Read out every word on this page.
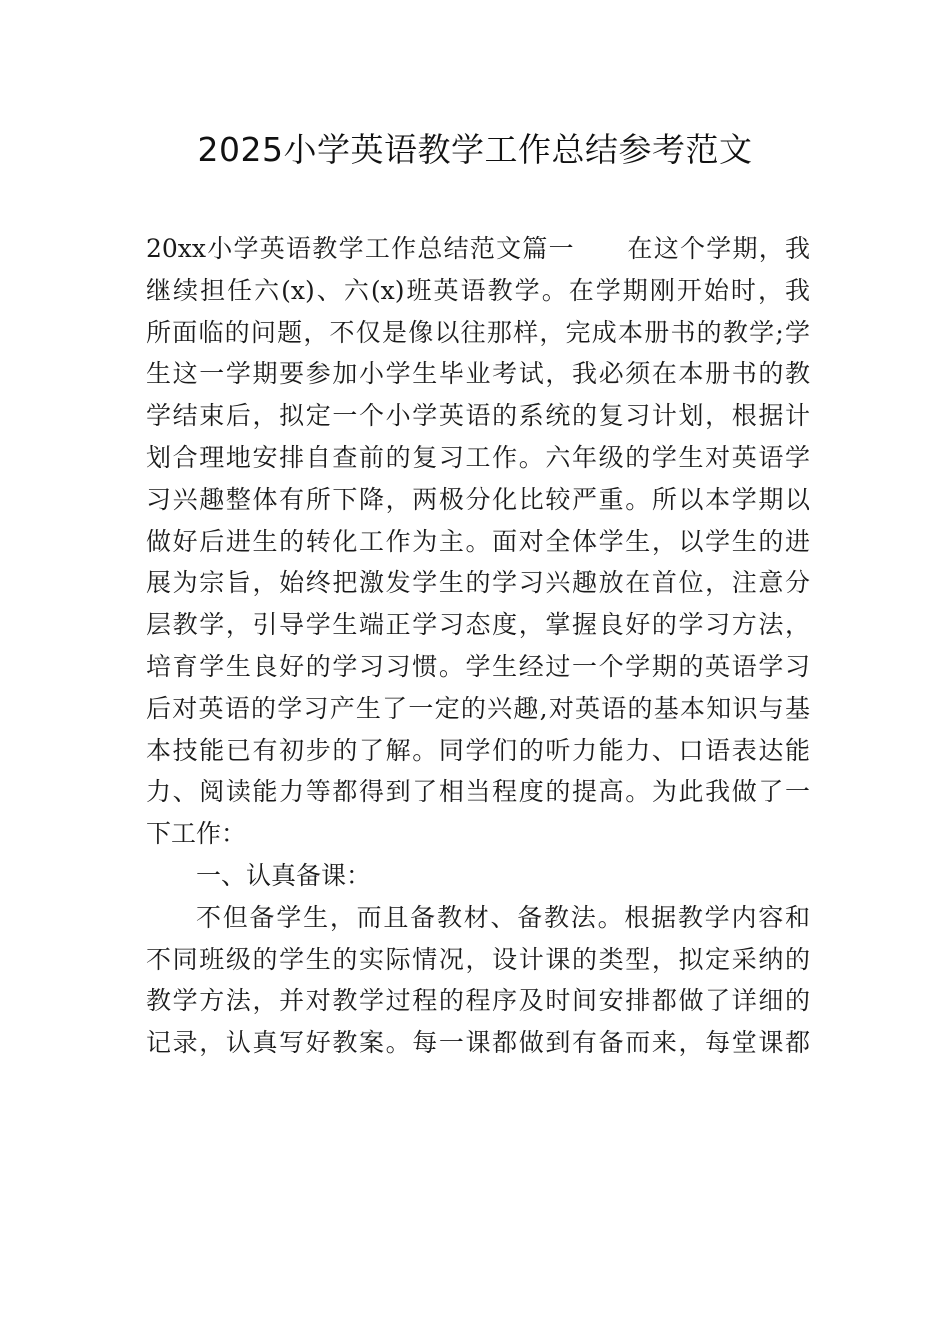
2025小学英语教学工作总结参考范文
20xx小学英语教学工作总结范文篇一　　在这个学期，我
继续担任六(x)、六(x)班英语教学。在学期刚开始时，我
所面临的问题，不仅是像以往那样，完成本册书的教学;学
生这一学期要参加小学生毕业考试，我必须在本册书的教
学结束后，拟定一个小学英语的系统的复习计划，根据计
划合理地安排自查前的复习工作。六年级的学生对英语学
习兴趣整体有所下降，两极分化比较严重。所以本学期以
做好后进生的转化工作为主。面对全体学生，以学生的进
展为宗旨，始终把激发学生的学习兴趣放在首位，注意分
层教学，引导学生端正学习态度，掌握良好的学习方法，
培育学生良好的学习习惯。学生经过一个学期的英语学习
后对英语的学习产生了一定的兴趣,对英语的基本知识与基
本技能已有初步的了解。同学们的听力能力、口语表达能
力、阅读能力等都得到了相当程度的提高。为此我做了一
下工作：
一、认真备课：
不但备学生，而且备教材、备教法。根据教学内容和
不同班级的学生的实际情况，设计课的类型，拟定采纳的
教学方法，并对教学过程的程序及时间安排都做了详细的
记录，认真写好教案。每一课都做到有备而来，每堂课都
